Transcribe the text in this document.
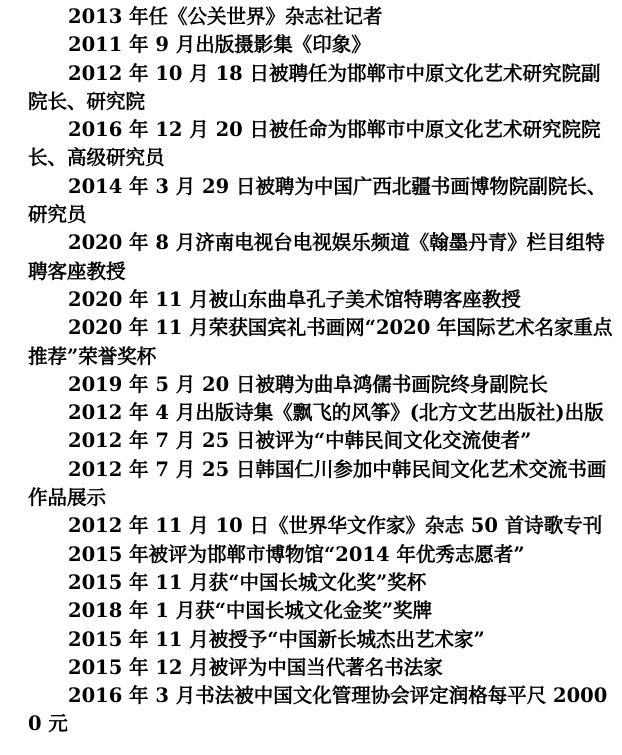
2013 年任《公关世界》杂志社记者

2011 年 9 月出版摄影集《印象》

2012 年 10 月 18 日被聘任为邯郸市中原文化艺术研究院副院长、研究院

2016 年 12 月 20 日被任命为邯郸市中原文化艺术研究院院长、高级研究员

2014 年 3 月 29 日被聘为中国广西北疆书画博物院副院长、研究员

2020 年 8 月济南电视台电视娱乐频道《翰墨丹青》栏目组特聘客座教授

2020 年 11 月被山东曲阜孔子美术馆特聘客座教授

2020 年 11 月荣获国宾礼书画网“2020 年国际艺术名家重点推荐”荣誉奖杯

2019 年 5 月 20 日被聘为曲阜鸿儒书画院终身副院长

2012 年 4 月出版诗集《飘飞的风筝》(北方文艺出版社)出版

2012 年 7 月 25 日被评为“中韩民间文化交流使者”

2012 年 7 月 25 日韩国仁川参加中韩民间文化艺术交流书画作品展示

2012 年 11 月 10 日《世界华文作家》杂志 50 首诗歌专刊

2015 年被评为邯郸市博物馆“2014 年优秀志愿者”

2015 年 11 月获“中国长城文化奖”奖杯

2018 年 1 月获“中国长城文化金奖”奖牌

2015 年 11 月被授予“中国新长城杰出艺术家”

2015 年 12 月被评为中国当代著名书法家

2016 年 3 月书法被中国文化管理协会评定润格每平尺 20000 元
